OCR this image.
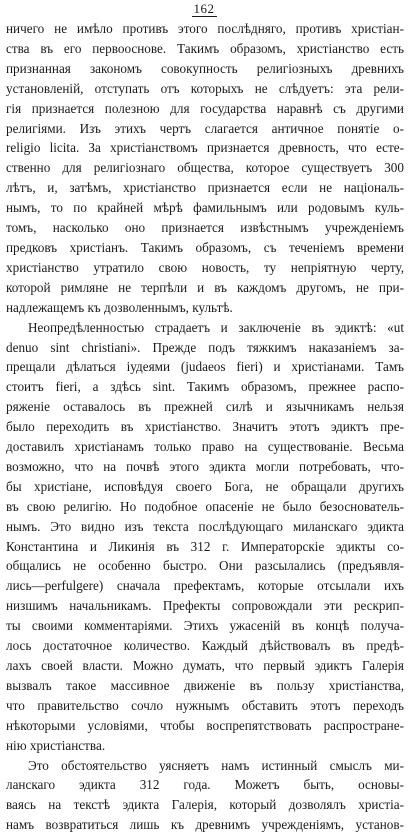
162
ничего не имѣло противъ этого послѣдняго, противъ христіан-
ства въ его первооснове. Такимъ образомъ, христіанство есть
признанная закономъ совокупность религіозныхъ древнихъ
установленій, отступать отъ которыхъ не слѣдуетъ: эта рели-
гія признается полезною для государства наравнѣ съ другими
религіями. Изъ этихъ чертъ слагается античное понятіе о-
religio licita. За христіанствомъ признается древность, что есте-
ственно для религіознаго общества, которое существуетъ 300
лѣтъ, и, затѣмъ, христіанство признается если не національ-
нымъ, то по крайней мѣрѣ фамильнымъ или родовымъ куль-
томъ, насколько оно признается извѣстнымъ учрежденіемъ
предковъ христіанъ. Такимъ образомъ, съ теченіемъ времени
христіанство утратило свою новость, ту непріятную черту,
которой римляне не терпѣли и въ каждомъ другомъ, не при-
надлежащемъ къ дозволеннымъ, культѣ.
Неопредѣленностью страдаетъ и заключеніе въ эдиктѣ: «ut
denuo sint christiani». Прежде подъ тяжкимъ наказаніемъ за-
прещали дѣлаться іудеями (judaeos fieri) и христіанами. Тамъ
стоитъ fieri, а здѣсь sint. Такимъ образомъ, прежнее распо-
ряженіе оставалось въ прежней силѣ и язычникамъ нельзя
было переходить въ христіанство. Значитъ этотъ эдиктъ пре-
доставилъ христіанамъ только право на существованіе. Весьма
возможно, что на почвѣ этого эдикта могли потребовать, что-
бы христіане, исповѣдуя своего Бога, не обращали другихъ
въ свою религію. Но подобное опасеніе не было безоснователь-
нымъ. Это видно изъ текста послѣдующаго миланскаго эдикта
Константина и Ликинія въ 312 г. Императорскіе эдикты со-
общались не особенно быстро. Они разсылались (предъявля-
лись—perfulgere) сначала префектамъ, которые отсылали ихъ
низшимъ начальникамъ. Префекты сопровождали эти рескрип-
ты своими комментаріями. Этихъ ужасеній въ концѣ получа-
лось достаточное количество. Каждый дѣйствовалъ въ предѣ-
лахъ своей власти. Можно думать, что первый эдиктъ Галерія
вызвалъ такое массивное движеніе въ пользу христіанства,
что правительство сочло нужнымъ обставить этотъ переходъ
нѣкоторыми условіями, чтобы воспрепятствовать распростране-
нію христіанства.
Это обстоятельство уясняетъ намъ истинный смыслъ ми-
ланскаго эдикта 312 года. Можетъ быть, основы-
ваясь на текстѣ эдикта Галерія, который дозволялъ христіа-
намъ возвратиться лишь къ древнимъ учрежденіямъ, установ-
